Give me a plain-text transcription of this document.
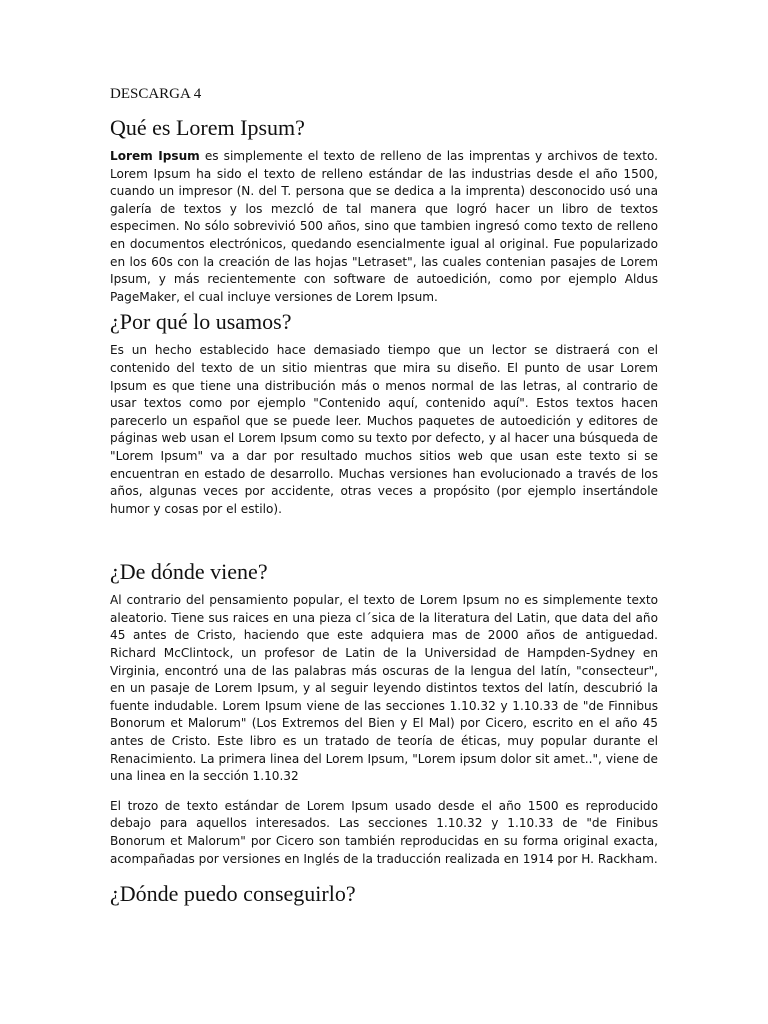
DESCARGA 4
Qué es Lorem Ipsum?

Lorem Ipsum es simplemente el texto de relleno de las imprentas y archivos de texto. Lorem Ipsum ha sido el texto de relleno estándar de las industrias desde el año 1500, cuando un impresor (N. del T. persona que se dedica a la imprenta) desconocido usó una galería de textos y los mezcló de tal manera que logró hacer un libro de textos especimen. No sólo sobrevivió 500 años, sino que tambien ingresó como texto de relleno en documentos electrónicos, quedando esencialmente igual al original. Fue popularizado en los 60s con la creación de las hojas "Letraset", las cuales contenian pasajes de Lorem Ipsum, y más recientemente con software de autoedición, como por ejemplo Aldus PageMaker, el cual incluye versiones de Lorem Ipsum.

¿Por qué lo usamos?

Es un hecho establecido hace demasiado tiempo que un lector se distraerá con el contenido del texto de un sitio mientras que mira su diseño. El punto de usar Lorem Ipsum es que tiene una distribución más o menos normal de las letras, al contrario de usar textos como por ejemplo "Contenido aquí, contenido aquí". Estos textos hacen parecerlo un español que se puede leer. Muchos paquetes de autoedición y editores de páginas web usan el Lorem Ipsum como su texto por defecto, y al hacer una búsqueda de "Lorem Ipsum" va a dar por resultado muchos sitios web que usan este texto si se encuentran en estado de desarrollo. Muchas versiones han evolucionado a través de los años, algunas veces por accidente, otras veces a propósito (por ejemplo insertándole humor y cosas por el estilo).

¿De dónde viene?

Al contrario del pensamiento popular, el texto de Lorem Ipsum no es simplemente texto aleatorio. Tiene sus raices en una pieza cl´sica de la literatura del Latin, que data del año 45 antes de Cristo, haciendo que este adquiera mas de 2000 años de antiguedad. Richard McClintock, un profesor de Latin de la Universidad de Hampden-Sydney en Virginia, encontró una de las palabras más oscuras de la lengua del latín, "consecteur", en un pasaje de Lorem Ipsum, y al seguir leyendo distintos textos del latín, descubrió la fuente indudable. Lorem Ipsum viene de las secciones 1.10.32 y 1.10.33 de "de Finnibus Bonorum et Malorum" (Los Extremos del Bien y El Mal) por Cicero, escrito en el año 45 antes de Cristo. Este libro es un tratado de teoría de éticas, muy popular durante el Renacimiento. La primera linea del Lorem Ipsum, "Lorem ipsum dolor sit amet..", viene de una linea en la sección 1.10.32

El trozo de texto estándar de Lorem Ipsum usado desde el año 1500 es reproducido debajo para aquellos interesados. Las secciones 1.10.32 y 1.10.33 de "de Finibus Bonorum et Malorum" por Cicero son también reproducidas en su forma original exacta, acompañadas por versiones en Inglés de la traducción realizada en 1914 por H. Rackham.

¿Dónde puedo conseguirlo?
